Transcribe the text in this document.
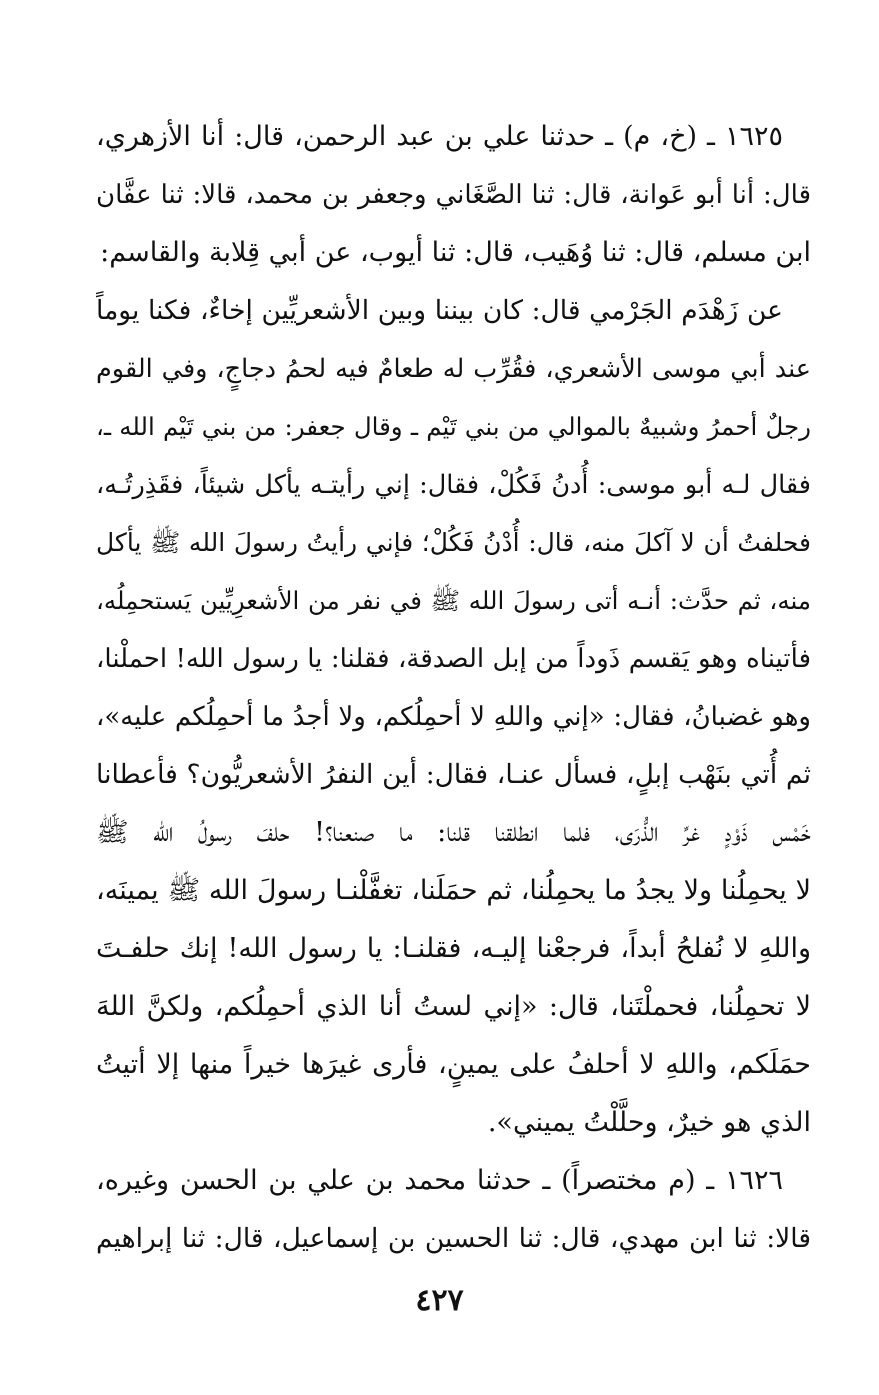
١٦٢٥ ـ (خ، م) ـ حدثنا علي بن عبد الرحمن، قال: أنا الأزهري،
قال: أنا أبو عَوانة، قال: ثنا الصَّغَاني وجعفر بن محمد، قالا: ثنا عفَّان
ابن مسلم، قال: ثنا وُهَيب، قال: ثنا أيوب، عن أبي قِلابة والقاسم:
عن زَهْدَم الجَرْمي قال: كان بيننا وبين الأشعريِّين إخاءٌ، فكنا يوماً
عند أبي موسى الأشعري، فقُرِّب له طعامٌ فيه لحمُ دجاجٍ، وفي القوم
رجلٌ أحمرُ وشبيهٌ بالموالي من بني تَيْم ـ وقال جعفر: من بني تَيْم الله ـ،
فقال لـه أبو موسى: أُدنُ فَكُلْ، فقال: إني رأيتـه يأكل شيئاً، فقَذِرتُـه،
فحلفتُ أن لا آكلَ منه، قال: أُدْنُ فَكُلْ؛ فإني رأيتُ رسولَ الله ﷺ يأكل
منه، ثم حدَّث: أنـه أتى رسولَ الله ﷺ في نفر من الأشعرِيِّين يَستحمِلُه،
فأتيناه وهو يَقسم ذَوداً من إبل الصدقة، فقلنا: يا رسول الله! احملْنا،
وهو غضبانُ، فقال: «إني واللهِ لا أحمِلُكم، ولا أجدُ ما أحمِلُكم عليه»،
ثم أُتي بنَهْب إبلٍ، فسأل عنـا، فقال: أين النفرُ الأشعريُّون؟ فأعطانا
خَمْس ذَوْدٍ غرِّ الذُّرَى، فلما انطلقنا قلنا: ما صنعنا؟! حلفَ رسولُ الله ﷺ
لا يحمِلُنا ولا يجدُ ما يحمِلُنا، ثم حمَلَنا، تغفَّلْنـا رسولَ الله ﷺ يمينَه،
واللهِ لا نُفلحُ أبداً، فرجعْنا إليـه، فقلنـا: يا رسول الله! إنك حلفـتَ
لا تحمِلُنا، فحملْتَنا، قال: «إني لستُ أنا الذي أحمِلُكم، ولكنَّ اللهَ
حمَلَكم، واللهِ لا أحلفُ على يمينٍ، فأرى غيرَها خيراً منها إلا أتيتُ
الذي هو خيرٌ، وحلَّلْتُ يميني».
١٦٢٦ ـ (م مختصراً) ـ حدثنا محمد بن علي بن الحسن وغيره،
قالا: ثنا ابن مهدي، قال: ثنا الحسين بن إسماعيل، قال: ثنا إبراهيم
٤٢٧
